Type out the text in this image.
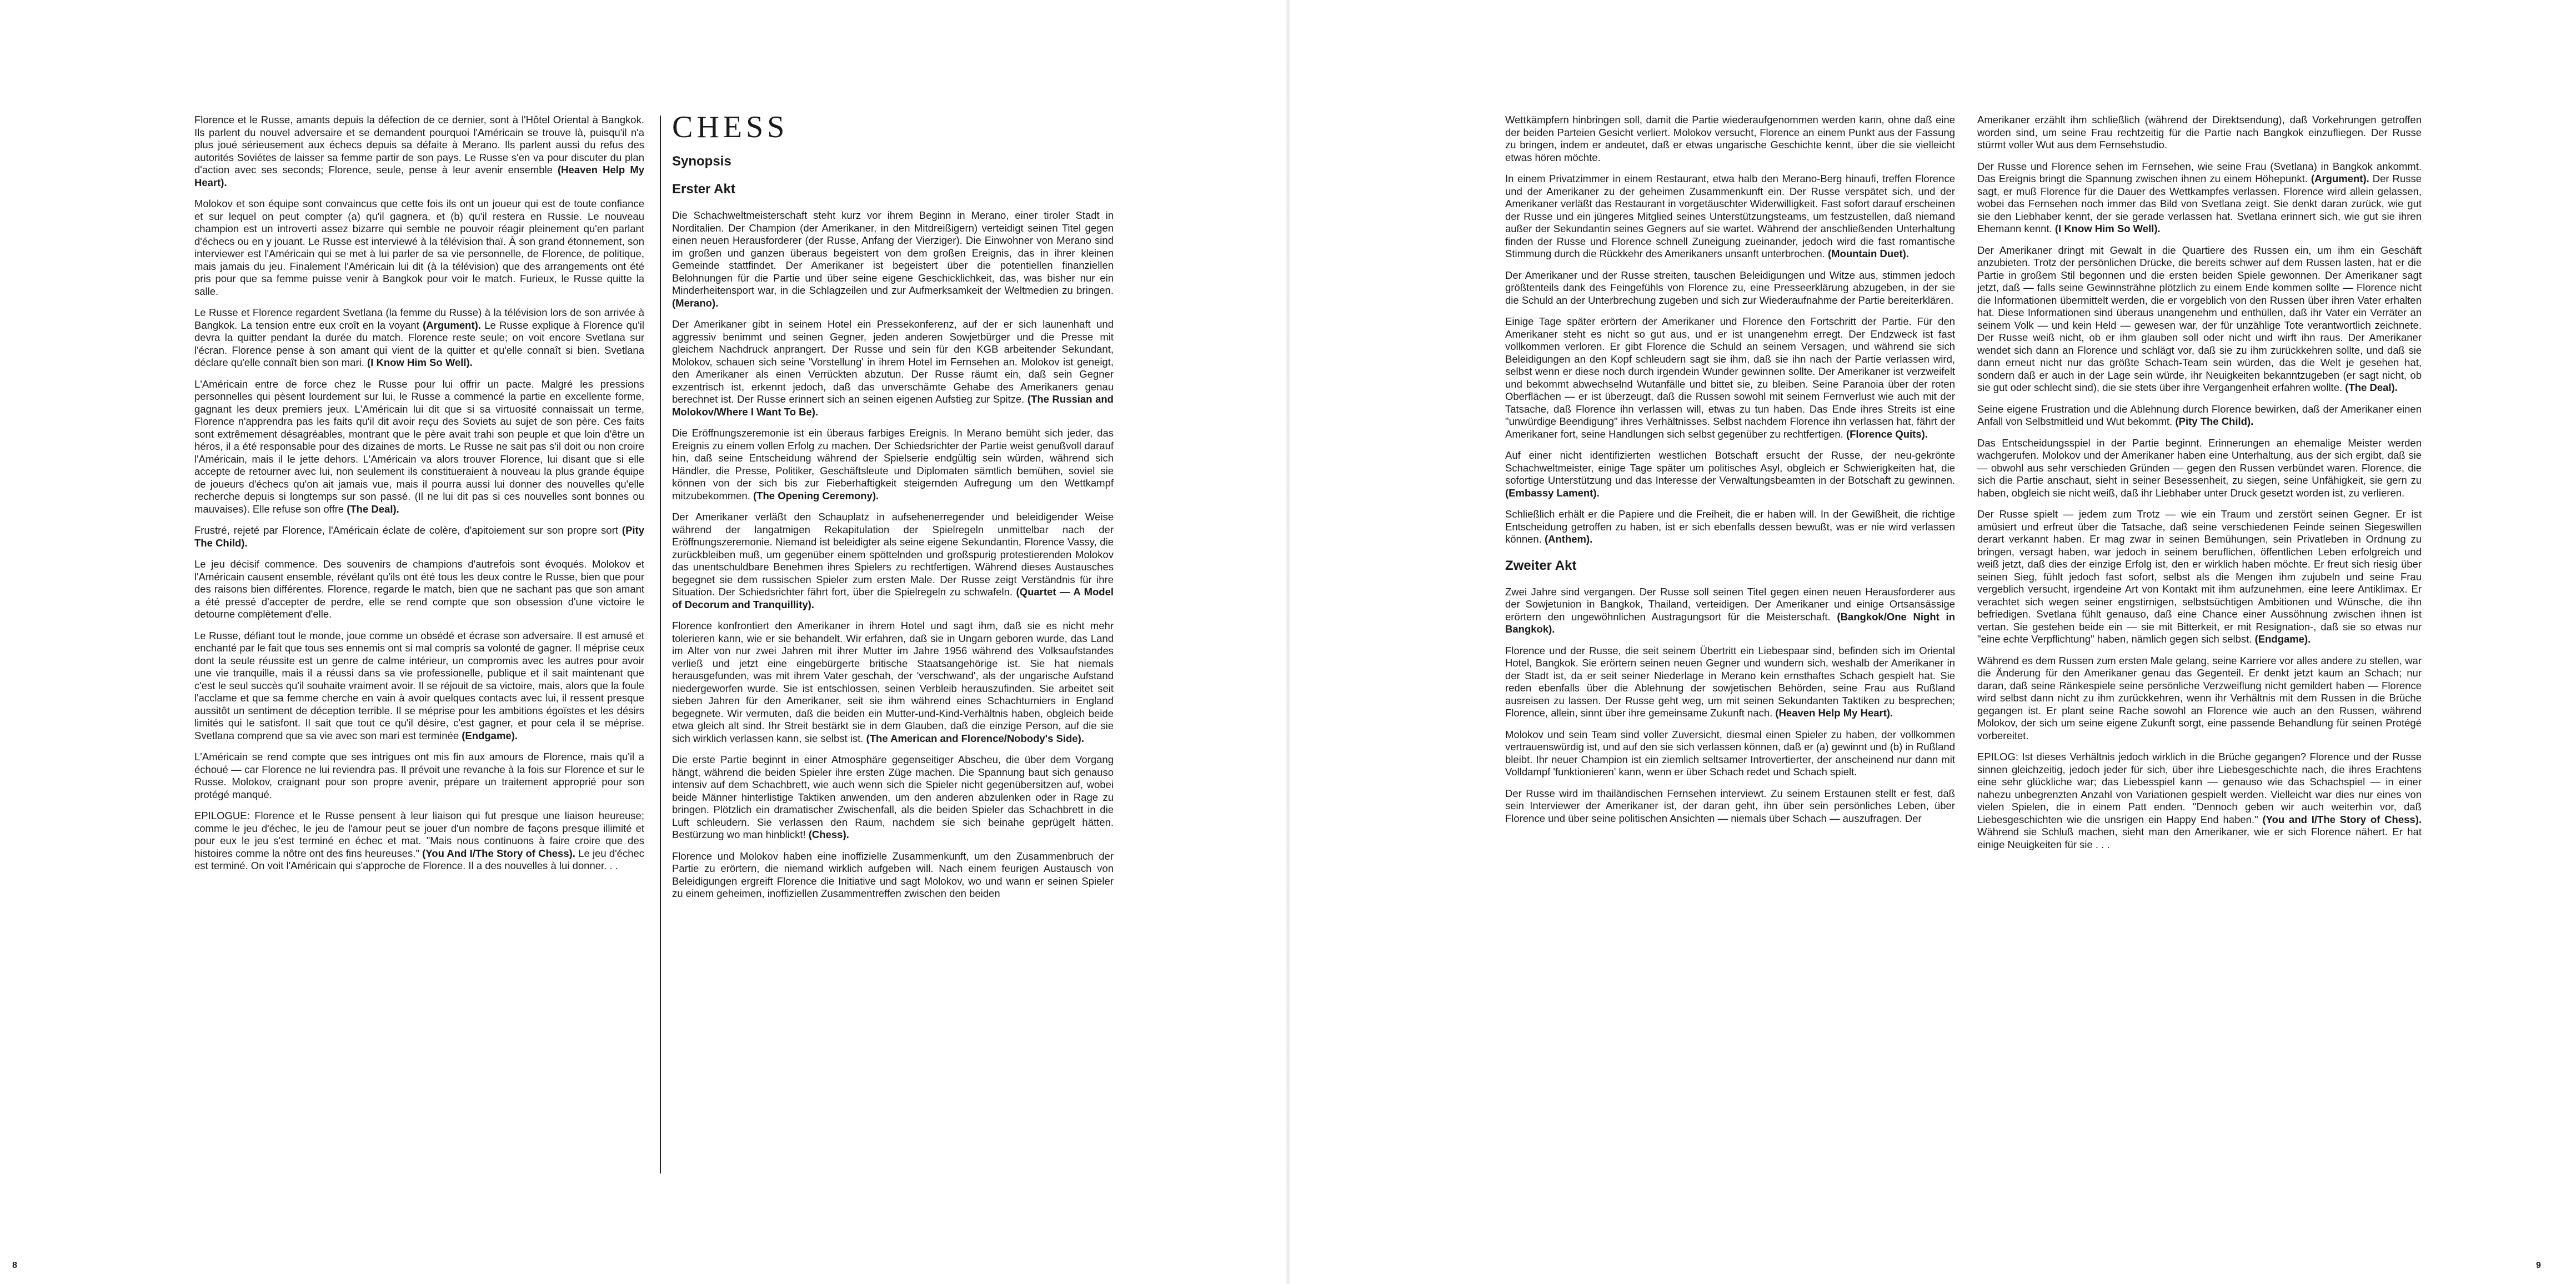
Florence et le Russe, amants depuis la défection de ce dernier, sont à l'Hôtel Oriental à Bangkok. Ils parlent du nouvel adversaire et se demandent pourquoi l'Américain se trouve là, puisqu'il n'a plus joué sérieusement aux échecs depuis sa défaite à Merano. Ils parlent aussi du refus des autorités Soviétes de laisser sa femme partir de son pays. Le Russe s'en va pour discuter du plan d'action avec ses seconds; Florence, seule, pense à leur avenir ensemble (Heaven Help My Heart).

Molokov et son équipe sont convaincus que cette fois ils ont un joueur qui est de toute confiance et sur lequel on peut compter (a) qu'il gagnera, et (b) qu'il restera en Russie. Le nouveau champion est un introverti assez bizarre qui semble ne pouvoir réagir pleinement qu'en parlant d'échecs ou en y jouant. Le Russe est interviewé à la télévision thaï. À son grand étonnement, son interviewer est l'Américain qui se met à lui parler de sa vie personnelle, de Florence, de politique, mais jamais du jeu. Finalement l'Américain lui dit (à la télévision) que des arrangements ont été pris pour que sa femme puisse venir à Bangkok pour voir le match. Furieux, le Russe quitte la salle.

Le Russe et Florence regardent Svetlana (la femme du Russe) à la télévision lors de son arrivée à Bangkok. La tension entre eux croît en la voyant (Argument). Le Russe explique à Florence qu'il devra la quitter pendant la durée du match. Florence reste seule; on voit encore Svetlana sur l'écran. Florence pense à son amant qui vient de la quitter et qu'elle connaît si bien. Svetlana déclare qu'elle connaît bien son mari. (I Know Him So Well).

L'Américain entre de force chez le Russe pour lui offrir un pacte. Malgré les pressions personnelles qui pèsent lourdement sur lui, le Russe a commencé la partie en excellente forme, gagnant les deux premiers jeux. L'Américain lui dit que si sa virtuosité connaissait un terme, Florence n'apprendra pas les faits qu'il dit avoir reçu des Soviets au sujet de son père. Ces faits sont extrêmement désagréables, montrant que le père avait trahi son peuple et que loin d'être un héros, il a été responsable pour des dizaines de morts. Le Russe ne sait pas s'il doit ou non croire l'Américain, mais il le jette dehors. L'Américain va alors trouver Florence, lui disant que si elle accepte de retourner avec lui, non seulement ils constitueraient à nouveau la plus grande équipe de joueurs d'échecs qu'on ait jamais vue, mais il pourra aussi lui donner des nouvelles qu'elle recherche depuis si longtemps sur son passé. (Il ne lui dit pas si ces nouvelles sont bonnes ou mauvaises). Elle refuse son offre (The Deal).

Frustré, rejeté par Florence, l'Américain éclate de colère, d'apitoiement sur son propre sort (Pity The Child).

Le jeu décisif commence. Des souvenirs de champions d'autrefois sont évoqués. Molokov et l'Américain causent ensemble, révélant qu'ils ont été tous les deux contre le Russe, bien que pour des raisons bien différentes. Florence, regarde le match, bien que ne sachant pas que son amant a été pressé d'accepter de perdre, elle se rend compte que son obsession d'une victoire le detourne complètement d'elle.

Le Russe, défiant tout le monde, joue comme un obsédé et écrase son adversaire. Il est amusé et enchanté par le fait que tous ses ennemis ont si mal compris sa volonté de gagner. Il méprise ceux dont la seule réussite est un genre de calme intérieur, un compromis avec les autres pour avoir une vie tranquille, mais il a réussi dans sa vie professionelle, publique et il sait maintenant que c'est le seul succès qu'il souhaite vraiment avoir. Il se réjouit de sa victoire, mais, alors que la foule l'acclame et que sa femme cherche en vain à avoir quelques contacts avec lui, il ressent presque aussitôt un sentiment de déception terrible. Il se méprise pour les ambitions égoïstes et les désirs limités qui le satisfont. Il sait que tout ce qu'il désire, c'est gagner, et pour cela il se méprise. Svetlana comprend que sa vie avec son mari est terminée (Endgame).

L'Américain se rend compte que ses intrigues ont mis fin aux amours de Florence, mais qu'il a échoué — car Florence ne lui reviendra pas. Il prévoit une revanche à la fois sur Florence et sur le Russe. Molokov, craignant pour son propre avenir, prépare un traitement approprié pour son protégé manqué.

EPILOGUE: Florence et le Russe pensent à leur liaison qui fut presque une liaison heureuse; comme le jeu d'échec, le jeu de l'amour peut se jouer d'un nombre de façons presque illimité et pour eux le jeu s'est terminé en échec et mat. "Mais nous continuons à faire croire que des histoires comme la nôtre ont des fins heureuses." (You And I/The Story of Chess). Le jeu d'échec est terminé. On voit l'Américain qui s'approche de Florence. Il a des nouvelles à lui donner. . .

CHESS
Synopsis
Erster Akt

Die Schachweltmeisterschaft steht kurz vor ihrem Beginn in Merano, einer tiroler Stadt in Norditalien. Der Champion (der Amerikaner, in den Mitdreißigern) verteidigt seinen Titel gegen einen neuen Herausforderer (der Russe, Anfang der Vierziger). Die Einwohner von Merano sind im großen und ganzen überaus begeistert von dem großen Ereignis, das in ihrer kleinen Gemeinde stattfindet. Der Amerikaner ist begeistert über die potentiellen finanziellen Belohnungen für die Partie und über seine eigene Geschicklichkeit, das, was bisher nur ein Minderheitensport war, in die Schlagzeilen und zur Aufmerksamkeit der Weltmedien zu bringen. (Merano).

Der Amerikaner gibt in seinem Hotel ein Pressekonferenz, auf der er sich launenhaft und aggressiv benimmt und seinen Gegner, jeden anderen Sowjetbürger und die Presse mit gleichem Nachdruck anprangert. Der Russe und sein für den KGB arbeitender Sekundant, Molokov, schauen sich seine 'Vorstellung' in ihrem Hotel im Fernsehen an. Molokov ist geneigt, den Amerikaner als einen Verrückten abzutun. Der Russe räumt ein, daß sein Gegner exzentrisch ist, erkennt jedoch, daß das unverschämte Gehabe des Amerikaners genau berechnet ist. Der Russe erinnert sich an seinen eigenen Aufstieg zur Spitze. (The Russian and Molokov/Where I Want To Be).

Die Eröffnungszeremonie ist ein überaus farbiges Ereignis. In Merano bemüht sich jeder, das Ereignis zu einem vollen Erfolg zu machen. Der Schiedsrichter der Partie weist genußvoll darauf hin, daß seine Entscheidung während der Spielserie endgültig sein würden, während sich Händler, die Presse, Politiker, Geschäftsleute und Diplomaten sämtlich bemühen, soviel sie können von der sich bis zur Fieberhaftigkeit steigernden Aufregung um den Wettkampf mitzubekommen. (The Opening Ceremony).

Der Amerikaner verläßt den Schauplatz in aufsehenerregender und beleidigender Weise während der langatmigen Rekapitulation der Spielregeln unmittelbar nach der Eröffnungszeremonie. Niemand ist beleidigter als seine eigene Sekundantin, Florence Vassy, die zurückbleiben muß, um gegenüber einem spöttelnden und großspurig protestierenden Molokov das unentschuldbare Benehmen ihres Spielers zu rechtfertigen. Während dieses Austausches begegnet sie dem russischen Spieler zum ersten Male. Der Russe zeigt Verständnis für ihre Situation. Der Schiedsrichter fährt fort, über die Spielregeln zu schwafeln. (Quartet — A Model of Decorum and Tranquillity).

Florence konfrontiert den Amerikaner in ihrem Hotel und sagt ihm, daß sie es nicht mehr tolerieren kann, wie er sie behandelt. Wir erfahren, daß sie in Ungarn geboren wurde, das Land im Alter von nur zwei Jahren mit ihrer Mutter im Jahre 1956 während des Volksaufstandes verließ und jetzt eine eingebürgerte britische Staatsangehörige ist. Sie hat niemals herausgefunden, was mit ihrem Vater geschah, der 'verschwand', als der ungarische Aufstand niedergeworfen wurde. Sie ist entschlossen, seinen Verbleib herauszufinden. Sie arbeitet seit sieben Jahren für den Amerikaner, seit sie ihm während eines Schachturniers in England begegnete. Wir vermuten, daß die beiden ein Mutter-und-Kind-Verhältnis haben, obgleich beide etwa gleich alt sind. Ihr Streit bestärkt sie in dem Glauben, daß die einzige Person, auf die sie sich wirklich verlassen kann, sie selbst ist. (The American and Florence/Nobody's Side).

Die erste Partie beginnt in einer Atmosphäre gegenseitiger Abscheu, die über dem Vorgang hängt, während die beiden Spieler ihre ersten Züge machen. Die Spannung baut sich genauso intensiv auf dem Schachbrett, wie auch wenn sich die Spieler nicht gegenübersitzen auf, wobei beide Männer hinterlistige Taktiken anwenden, um den anderen abzulenken oder in Rage zu bringen. Plötzlich ein dramatischer Zwischenfall, als die beiden Spieler das Schachbrett in die Luft schleudern. Sie verlassen den Raum, nachdem sie sich beinahe geprügelt hätten. Bestürzung wo man hinblickt! (Chess).

Florence und Molokov haben eine inoffizielle Zusammenkunft, um den Zusammenbruch der Partie zu erörtern, die niemand wirklich aufgeben will. Nach einem feurigen Austausch von Beleidigungen ergreift Florence die Initiative und sagt Molokov, wo und wann er seinen Spieler zu einem geheimen, inoffiziellen Zusammentreffen zwischen den beiden

Wettkämpfern hinbringen soll, damit die Partie wiederaufgenommen werden kann, ohne daß eine der beiden Parteien Gesicht verliert. Molokov versucht, Florence an einem Punkt aus der Fassung zu bringen, indem er andeutet, daß er etwas ungarische Geschichte kennt, über die sie vielleicht etwas hören möchte.

In einem Privatzimmer in einem Restaurant, etwa halb den Merano-Berg hinaufi, treffen Florence und der Amerikaner zu der geheimen Zusammenkunft ein. Der Russe verspätet sich, und der Amerikaner verläßt das Restaurant in vorgetäuschter Widerwilligkeit. Fast sofort darauf erscheinen der Russe und ein jüngeres Mitglied seines Unterstützungsteams, um festzustellen, daß niemand außer der Sekundantin seines Gegners auf sie wartet. Während der anschließenden Unterhaltung finden der Russe und Florence schnell Zuneigung zueinander, jedoch wird die fast romantische Stimmung durch die Rückkehr des Amerikaners unsanft unterbrochen. (Mountain Duet).

Der Amerikaner und der Russe streiten, tauschen Beleidigungen und Witze aus, stimmen jedoch größtenteils dank des Feingefühls von Florence zu, eine Presseerklärung abzugeben, in der sie die Schuld an der Unterbrechung zugeben und sich zur Wiederaufnahme der Partie bereiterklären.

Einige Tage später erörtern der Amerikaner und Florence den Fortschritt der Partie. Für den Amerikaner steht es nicht so gut aus, und er ist unangenehm erregt. Der Endzweck ist fast vollkommen verloren. Er gibt Florence die Schuld an seinem Versagen, und während sie sich Beleidigungen an den Kopf schleudern sagt sie ihm, daß sie ihn nach der Partie verlassen wird, selbst wenn er diese noch durch irgendein Wunder gewinnen sollte. Der Amerikaner ist verzweifelt und bekommt abwechselnd Wutanfälle und bittet sie, zu bleiben. Seine Paranoia über der roten Oberflächen — er ist überzeugt, daß die Russen sowohl mit seinem Fernverlust wie auch mit der Tatsache, daß Florence ihn verlassen will, etwas zu tun haben. Das Ende ihres Streits ist eine "unwürdige Beendigung" ihres Verhältnisses. Selbst nachdem Florence ihn verlassen hat, fährt der Amerikaner fort, seine Handlungen sich selbst gegenüber zu rechtfertigen. (Florence Quits).

Auf einer nicht identifizierten westlichen Botschaft ersucht der Russe, der neu-gekrönte Schachweltmeister, einige Tage später um politisches Asyl, obgleich er Schwierigkeiten hat, die sofortige Unterstützung und das Interesse der Verwaltungsbeamten in der Botschaft zu gewinnen. (Embassy Lament).

Schließlich erhält er die Papiere und die Freiheit, die er haben will. In der Gewißheit, die richtige Entscheidung getroffen zu haben, ist er sich ebenfalls dessen bewußt, was er nie wird verlassen können. (Anthem).

Zweiter Akt

Zwei Jahre sind vergangen. Der Russe soll seinen Titel gegen einen neuen Herausforderer aus der Sowjetunion in Bangkok, Thailand, verteidigen. Der Amerikaner und einige Ortsansässige erörtern den ungewöhnlichen Austragungsort für die Meisterschaft. (Bangkok/One Night in Bangkok).

Florence und der Russe, die seit seinem Übertritt ein Liebespaar sind, befinden sich im Oriental Hotel, Bangkok. Sie erörtern seinen neuen Gegner und wundern sich, weshalb der Amerikaner in der Stadt ist, da er seit seiner Niederlage in Merano kein ernsthaftes Schach gespielt hat. Sie reden ebenfalls über die Ablehnung der sowjetischen Behörden, seine Frau aus Rußland ausreisen zu lassen. Der Russe geht weg, um mit seinen Sekundanten Taktiken zu besprechen; Florence, allein, sinnt über ihre gemeinsame Zukunft nach. (Heaven Help My Heart).

Molokov und sein Team sind voller Zuversicht, diesmal einen Spieler zu haben, der vollkommen vertrauenswürdig ist, und auf den sie sich verlassen können, daß er (a) gewinnt und (b) in Rußland bleibt. Ihr neuer Champion ist ein ziemlich seltsamer Introvertierter, der anscheinend nur dann mit Volldampf 'funktionieren' kann, wenn er über Schach redet und Schach spielt.

Der Russe wird im thailändischen Fernsehen interviewt. Zu seinem Erstaunen stellt er fest, daß sein Interviewer der Amerikaner ist, der daran geht, ihn über sein persönliches Leben, über Florence und über seine politischen Ansichten — niemals über Schach — auszufragen. Der

Amerikaner erzählt ihm schließlich (während der Direktsendung), daß Vorkehrungen getroffen worden sind, um seine Frau rechtzeitig für die Partie nach Bangkok einzufliegen. Der Russe stürmt voller Wut aus dem Fernsehstudio.

Der Russe und Florence sehen im Fernsehen, wie seine Frau (Svetlana) in Bangkok ankommt. Das Ereignis bringt die Spannung zwischen ihnen zu einem Höhepunkt. (Argument). Der Russe sagt, er muß Florence für die Dauer des Wettkampfes verlassen. Florence wird allein gelassen, wobei das Fernsehen noch immer das Bild von Svetlana zeigt. Sie denkt daran zurück, wie gut sie den Liebhaber kennt, der sie gerade verlassen hat. Svetlana erinnert sich, wie gut sie ihren Ehemann kennt. (I Know Him So Well).

Der Amerikaner dringt mit Gewalt in die Quartiere des Russen ein, um ihm ein Geschäft anzubieten. Trotz der persönlichen Drücke, die bereits schwer auf dem Russen lasten, hat er die Partie in großem Stil begonnen und die ersten beiden Spiele gewonnen. Der Amerikaner sagt jetzt, daß — falls seine Gewinnsträhne plötzlich zu einem Ende kommen sollte — Florence nicht die Informationen übermittelt werden, die er vorgeblich von den Russen über ihren Vater erhalten hat. Diese Informationen sind überaus unangenehm und enthüllen, daß ihr Vater ein Verräter an seinem Volk — und kein Held — gewesen war, der für unzählige Tote verantwortlich zeichnete. Der Russe weiß nicht, ob er ihm glauben soll oder nicht und wirft ihn raus. Der Amerikaner wendet sich dann an Florence und schlägt vor, daß sie zu ihm zurückkehren sollte, und daß sie dann erneut nicht nur das größte Schach-Team sein würden, das die Welt je gesehen hat, sondern daß er auch in der Lage sein würde, ihr Neuigkeiten bekanntzugeben (er sagt nicht, ob sie gut oder schlecht sind), die sie stets über ihre Vergangenheit erfahren wollte. (The Deal).

Seine eigene Frustration und die Ablehnung durch Florence bewirken, daß der Amerikaner einen Anfall von Selbstmitleid und Wut bekommt. (Pity The Child).

Das Entscheidungsspiel in der Partie beginnt. Erinnerungen an ehemalige Meister werden wachgerufen. Molokov und der Amerikaner haben eine Unterhaltung, aus der sich ergibt, daß sie — obwohl aus sehr verschieden Gründen — gegen den Russen verbündet waren. Florence, die sich die Partie anschaut, sieht in seiner Besessenheit, zu siegen, seine Unfähigkeit, sie gern zu haben, obgleich sie nicht weiß, daß ihr Liebhaber unter Druck gesetzt worden ist, zu verlieren.

Der Russe spielt — jedem zum Trotz — wie ein Traum und zerstört seinen Gegner. Er ist amüsiert und erfreut über die Tatsache, daß seine verschiedenen Feinde seinen Siegeswillen derart verkannt haben. Er mag zwar in seinen Bemühungen, sein Privatleben in Ordnung zu bringen, versagt haben, war jedoch in seinem beruflichen, öffentlichen Leben erfolgreich und weiß jetzt, daß dies der einzige Erfolg ist, den er wirklich haben möchte. Er freut sich riesig über seinen Sieg, fühlt jedoch fast sofort, selbst als die Mengen ihm zujubeln und seine Frau vergeblich versucht, irgendeine Art von Kontakt mit ihm aufzunehmen, eine leere Antiklimax. Er verachtet sich wegen seiner engstirnigen, selbstsüchtigen Ambitionen und Wünsche, die ihn befriedigen. Svetlana fühlt genauso, daß eine Chance einer Aussöhnung zwischen ihnen ist vertan. Sie gestehen beide ein — sie mit Bitterkeit, er mit Resignation-, daß sie so etwas nur "eine echte Verpflichtung" haben, nämlich gegen sich selbst. (Endgame).

Während es dem Russen zum ersten Male gelang, seine Karriere vor alles andere zu stellen, war die Änderung für den Amerikaner genau das Gegenteil. Er denkt jetzt kaum an Schach; nur daran, daß seine Ränkespiele seine persönliche Verzweiflung nicht gemildert haben — Florence wird selbst dann nicht zu ihm zurückkehren, wenn ihr Verhältnis mit dem Russen in die Brüche gegangen ist. Er plant seine Rache sowohl an Florence wie auch an den Russen, während Molokov, der sich um seine eigene Zukunft sorgt, eine passende Behandlung für seinen Protégé vorbereitet.

EPILOG: Ist dieses Verhältnis jedoch wirklich in die Brüche gegangen? Florence und der Russe sinnen gleichzeitig, jedoch jeder für sich, über ihre Liebesgeschichte nach, die ihres Erachtens eine sehr glückliche war; das Liebesspiel kann — genauso wie das Schachspiel — in einer nahezu unbegrenzten Anzahl von Variationen gespielt werden. Vielleicht war dies nur eines von vielen Spielen, die in einem Patt enden. "Dennoch geben wir auch weiterhin vor, daß Liebesgeschichten wie die unsrigen ein Happy End haben." (You and I/The Story of Chess). Während sie Schluß machen, sieht man den Amerikaner, wie er sich Florence nähert. Er hat einige Neuigkeiten für sie . . .

8	9
